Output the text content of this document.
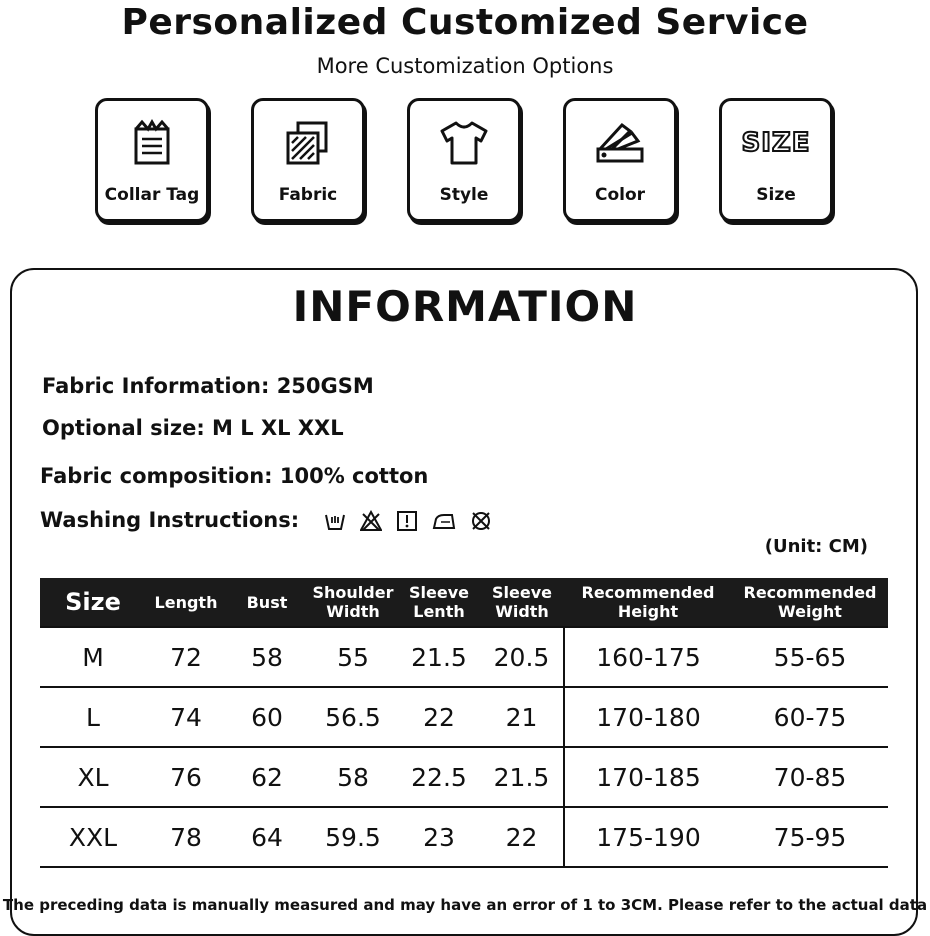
Personalized Customized Service
More Customization Options
Collar Tag	Fabric	Style	Color
SIZE
Size
INFORMATION
Fabric Information: 250GSM
Optional size: M L XL XXL
Fabric composition: 100% cotton
Washing Instructions:
(Unit: CM)
Size	Length	Bust	Shoulder Width	Sleeve Lenth	Sleeve Width	Recommended Height	Recommended Weight
M	72	58	55	21.5	20.5	160-175	55-65
L	74	60	56.5	22	21	170-180	60-75
XL	76	62	58	22.5	21.5	170-185	70-85
XXL	78	64	59.5	23	22	175-190	75-95
The preceding data is manually measured and may have an error of 1 to 3CM. Please refer to the actual data
